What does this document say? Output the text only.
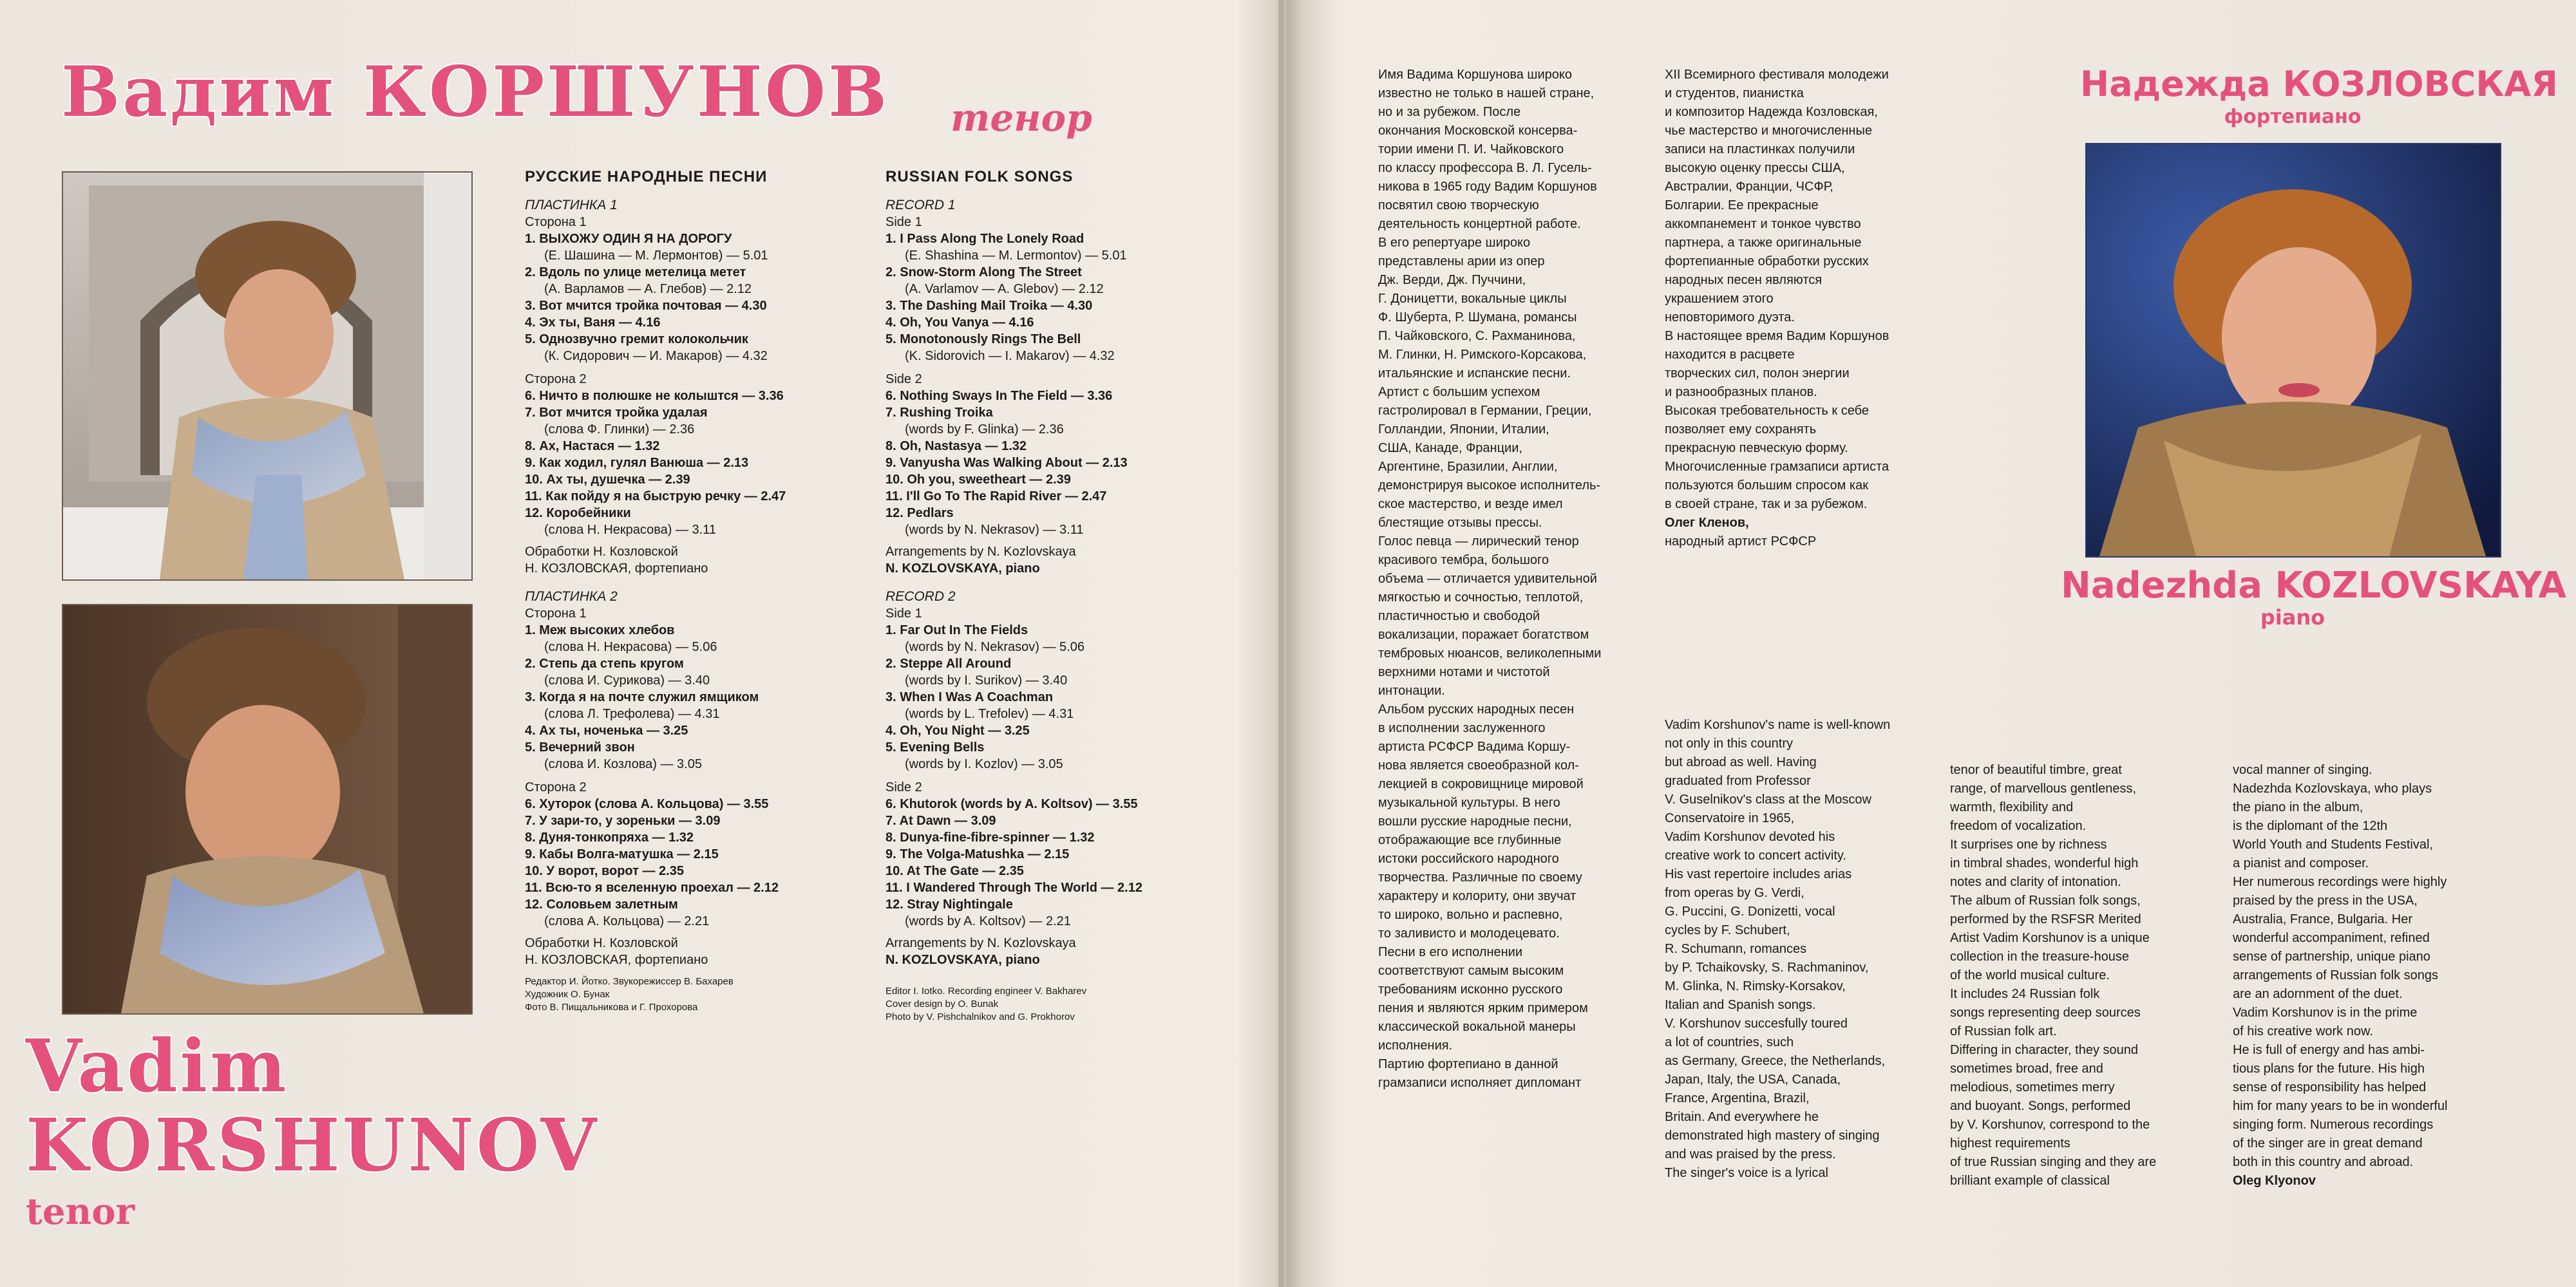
Вадим КОРШУНОВ тенор
Vadim
KORSHUNOV
tenor
РУССКИЕ НАРОДНЫЕ ПЕСНИ
ПЛАСТИНКА 1
Сторона 1
1. ВЫХОЖУ ОДИН Я НА ДОРОГУ
(Е. Шашина — М. Лермонтов) — 5.01
2. Вдоль по улице метелица метет
(А. Варламов — А. Глебов) — 2.12
3. Вот мчится тройка почтовая — 4.30
4. Эх ты, Ваня — 4.16
5. Однозвучно гремит колокольчик
(К. Сидорович — И. Макаров) — 4.32
Сторона 2
6. Ничто в полюшке не колыштся — 3.36
7. Вот мчится тройка удалая
(слова Ф. Глинки) — 2.36
8. Ах, Настася — 1.32
9. Как ходил, гулял Ванюша — 2.13
10. Ах ты, душечка — 2.39
11. Как пойду я на быструю речку — 2.47
12. Коробейники
(слова Н. Некрасова) — 3.11
Обработки Н. Козловской
Н. КОЗЛОВСКАЯ, фортепиано
ПЛАСТИНКА 2
Сторона 1
1. Меж высоких хлебов
(слова Н. Некрасова) — 5.06
2. Степь да степь кругом
(слова И. Сурикова) — 3.40
3. Когда я на почте служил ямщиком
(слова Л. Трефолева) — 4.31
4. Ах ты, ноченька — 3.25
5. Вечерний звон
(слова И. Козлова) — 3.05
Сторона 2
6. Хуторок (слова А. Кольцова) — 3.55
7. У зари-то, у зореньки — 3.09
8. Дуня-тонкопряха — 1.32
9. Кабы Волга-матушка — 2.15
10. У ворот, ворот — 2.35
11. Всю-то я вселенную проехал — 2.12
12. Соловьем залетным
(слова А. Кольцова) — 2.21
Обработки Н. Козловской
Н. КОЗЛОВСКАЯ, фортепиано
Редактор И. Йотко. Звукорежиссер В. Бахарев
Художник О. Бунак
Фото В. Пищальникова и Г. Прохорова
RUSSIAN FOLK SONGS
RECORD 1
Side 1
1. I Pass Along The Lonely Road
(E. Shashina — M. Lermontov) — 5.01
2. Snow-Storm Along The Street
(A. Varlamov — A. Glebov) — 2.12
3. The Dashing Mail Troika — 4.30
4. Oh, You Vanya — 4.16
5. Monotonously Rings The Bell
(K. Sidorovich — I. Makarov) — 4.32
Side 2
6. Nothing Sways In The Field — 3.36
7. Rushing Troika
(words by F. Glinka) — 2.36
8. Oh, Nastasya — 1.32
9. Vanyusha Was Walking About — 2.13
10. Oh you, sweetheart — 2.39
11. I'll Go To The Rapid River — 2.47
12. Pedlars
(words by N. Nekrasov) — 3.11
Arrangements by N. Kozlovskaya
N. KOZLOVSKAYA, piano
RECORD 2
Side 1
1. Far Out In The Fields
(words by N. Nekrasov) — 5.06
2. Steppe All Around
(words by I. Surikov) — 3.40
3. When I Was A Coachman
(words by L. Trefolev) — 4.31
4. Oh, You Night — 3.25
5. Evening Bells
(words by I. Kozlov) — 3.05
Side 2
6. Khutorok (words by A. Koltsov) — 3.55
7. At Dawn — 3.09
8. Dunya-fine-fibre-spinner — 1.32
9. The Volga-Matushka — 2.15
10. At The Gate — 2.35
11. I Wandered Through The World — 2.12
12. Stray Nightingale
(words by A. Koltsov) — 2.21
Arrangements by N. Kozlovskaya
N. KOZLOVSKAYA, piano
Editor I. Iotko. Recording engineer V. Bakharev
Cover design by O. Bunak
Photo by V. Pishchalnikov and G. Prokhorov
Имя Вадима Коршунова широко
известно не только в нашей стране,
но и за рубежом. После
окончания Московской консерва-
тории имени П. И. Чайковского
по классу профессора В. Л. Гусель-
никова в 1965 году Вадим Коршунов
посвятил свою творческую
деятельность концертной работе.
В его репертуаре широко
представлены арии из опер
Дж. Верди, Дж. Пуччини,
Г. Доницетти, вокальные циклы
Ф. Шуберта, Р. Шумана, романсы
П. Чайковского, С. Рахманинова,
М. Глинки, Н. Римского-Корсакова,
итальянские и испанские песни.
Артист с большим успехом
гастролировал в Германии, Греции,
Голландии, Японии, Италии,
США, Канаде, Франции,
Аргентине, Бразилии, Англии,
демонстрируя высокое исполнитель-
ское мастерство, и везде имел
блестящие отзывы прессы.
Голос певца — лирический тенор
красивого тембра, большого
объема — отличается удивительной
мягкостью и сочностью, теплотой,
пластичностью и свободой
вокализации, поражает богатством
тембровых нюансов, великолепными
верхними нотами и чистотой
интонации.
Альбом русских народных песен
в исполнении заслуженного
артиста РСФСР Вадима Коршу-
нова является своеобразной кол-
лекцией в сокровищнице мировой
музыкальной культуры. В него
вошли русские народные песни,
отображающие все глубинные
истоки российского народного
творчества. Различные по своему
характеру и колориту, они звучат
то широко, вольно и распевно,
то заливисто и молодецевато.
Песни в его исполнении
соответствуют самым высоким
требованиям исконно русского
пения и являются ярким примером
классической вокальной манеры
исполнения.
Партию фортепиано в данной
грамзаписи исполняет дипломант
XII Всемирного фестиваля молодежи
и студентов, пианистка
и композитор Надежда Козловская,
чье мастерство и многочисленные
записи на пластинках получили
высокую оценку прессы США,
Австралии, Франции, ЧСФР,
Болгарии. Ее прекрасные
аккомпанемент и тонкое чувство
партнера, а также оригинальные
фортепианные обработки русских
народных песен являются
украшением этого
неповторимого дуэта.
В настоящее время Вадим Коршунов
находится в расцвете
творческих сил, полон энергии
и разнообразных планов.
Высокая требовательность к себе
позволяет ему сохранять
прекрасную певческую форму.
Многочисленные грамзаписи артиста
пользуются большим спросом как
в своей стране, так и за рубежом.
Олег Кленов,
народный артист РСФСР
Надежда КОЗЛОВСКАЯ
фортепиано
Nadezhda KOZLOVSKAYA
piano
Vadim Korshunov's name is well-known
not only in this country
but abroad as well. Having
graduated from Professor
V. Guselnikov's class at the Moscow
Conservatoire in 1965,
Vadim Korshunov devoted his
creative work to concert activity.
His vast repertoire includes arias
from operas by G. Verdi,
G. Puccini, G. Donizetti, vocal
cycles by F. Schubert,
R. Schumann, romances
by P. Tchaikovsky, S. Rachmaninov,
M. Glinka, N. Rimsky-Korsakov,
Italian and Spanish songs.
V. Korshunov succesfully toured
a lot of countries, such
as Germany, Greece, the Netherlands,
Japan, Italy, the USA, Canada,
France, Argentina, Brazil,
Britain. And everywhere he
demonstrated high mastery of singing
and was praised by the press.
The singer's voice is a lyrical
tenor of beautiful timbre, great
range, of marvellous gentleness,
warmth, flexibility and
freedom of vocalization.
It surprises one by richness
in timbral shades, wonderful high
notes and clarity of intonation.
The album of Russian folk songs,
performed by the RSFSR Merited
Artist Vadim Korshunov is a unique
collection in the treasure-house
of the world musical culture.
It includes 24 Russian folk
songs representing deep sources
of Russian folk art.
Differing in character, they sound
sometimes broad, free and
melodious, sometimes merry
and buoyant. Songs, performed
by V. Korshunov, correspond to the
highest requirements
of true Russian singing and they are
brilliant example of classical
vocal manner of singing.
Nadezhda Kozlovskaya, who plays
the piano in the album,
is the diplomant of the 12th
World Youth and Students Festival,
a pianist and composer.
Her numerous recordings were highly
praised by the press in the USA,
Australia, France, Bulgaria. Her
wonderful accompaniment, refined
sense of partnership, unique piano
arrangements of Russian folk songs
are an adornment of the duet.
Vadim Korshunov is in the prime
of his creative work now.
He is full of energy and has ambi-
tious plans for the future. His high
sense of responsibility has helped
him for many years to be in wonderful
singing form. Numerous recordings
of the singer are in great demand
both in this country and abroad.
Oleg Klyonov
